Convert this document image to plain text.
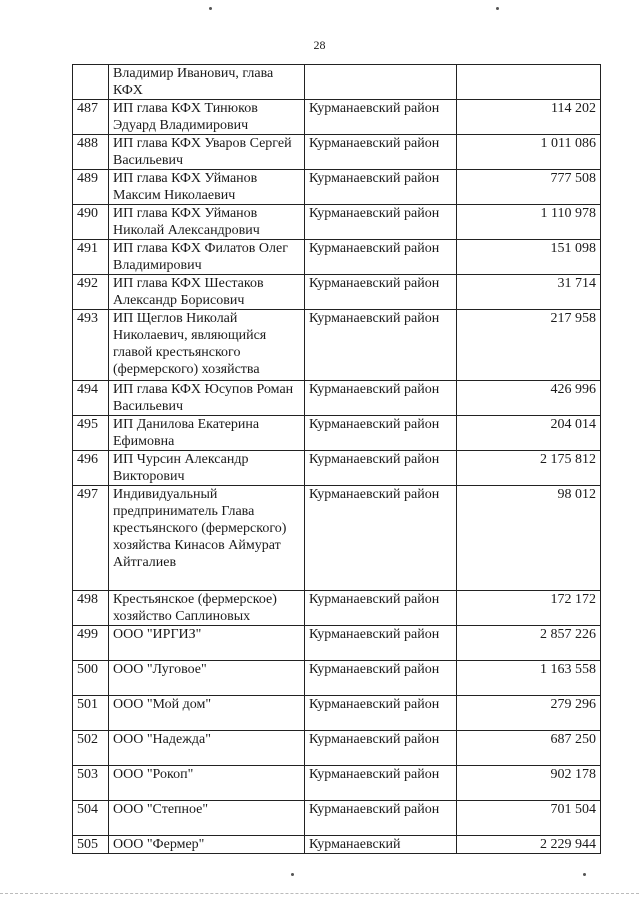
28
	Владимир Иванович, глава КФХ		
487	ИП глава КФХ Тинюков Эдуард Владимирович	Курманаевский район	114 202
488	ИП глава КФХ Уваров Сергей Васильевич	Курманаевский район	1 011 086
489	ИП глава КФХ Уйманов Максим Николаевич	Курманаевский район	777 508
490	ИП глава КФХ Уйманов Николай Александрович	Курманаевский район	1 110 978
491	ИП глава КФХ Филатов Олег Владимирович	Курманаевский район	151 098
492	ИП глава КФХ Шестаков Александр Борисович	Курманаевский район	31 714
493	ИП Щеглов Николай Николаевич, являющийся главой крестьянского (фермерского) хозяйства	Курманаевский район	217 958
494	ИП глава КФХ Юсупов Роман Васильевич	Курманаевский район	426 996
495	ИП Данилова Екатерина Ефимовна	Курманаевский район	204 014
496	ИП Чурсин Александр Викторович	Курманаевский район	2 175 812
497	Индивидуальный предприниматель Глава крестьянского (фермерского) хозяйства Кинасов Аймурат Айтгалиев	Курманаевский район	98 012
498	Крестьянское (фермерское) хозяйство Саплиновых	Курманаевский район	172 172
499	ООО "ИРГИЗ"	Курманаевский район	2 857 226
500	ООО "Луговое"	Курманаевский район	1 163 558
501	ООО "Мой дом"	Курманаевский район	279 296
502	ООО "Надежда"	Курманаевский район	687 250
503	ООО "Рокоп"	Курманаевский район	902 178
504	ООО "Степное"	Курманаевский район	701 504
505	ООО "Фермер"	Курманаевский	2 229 944
